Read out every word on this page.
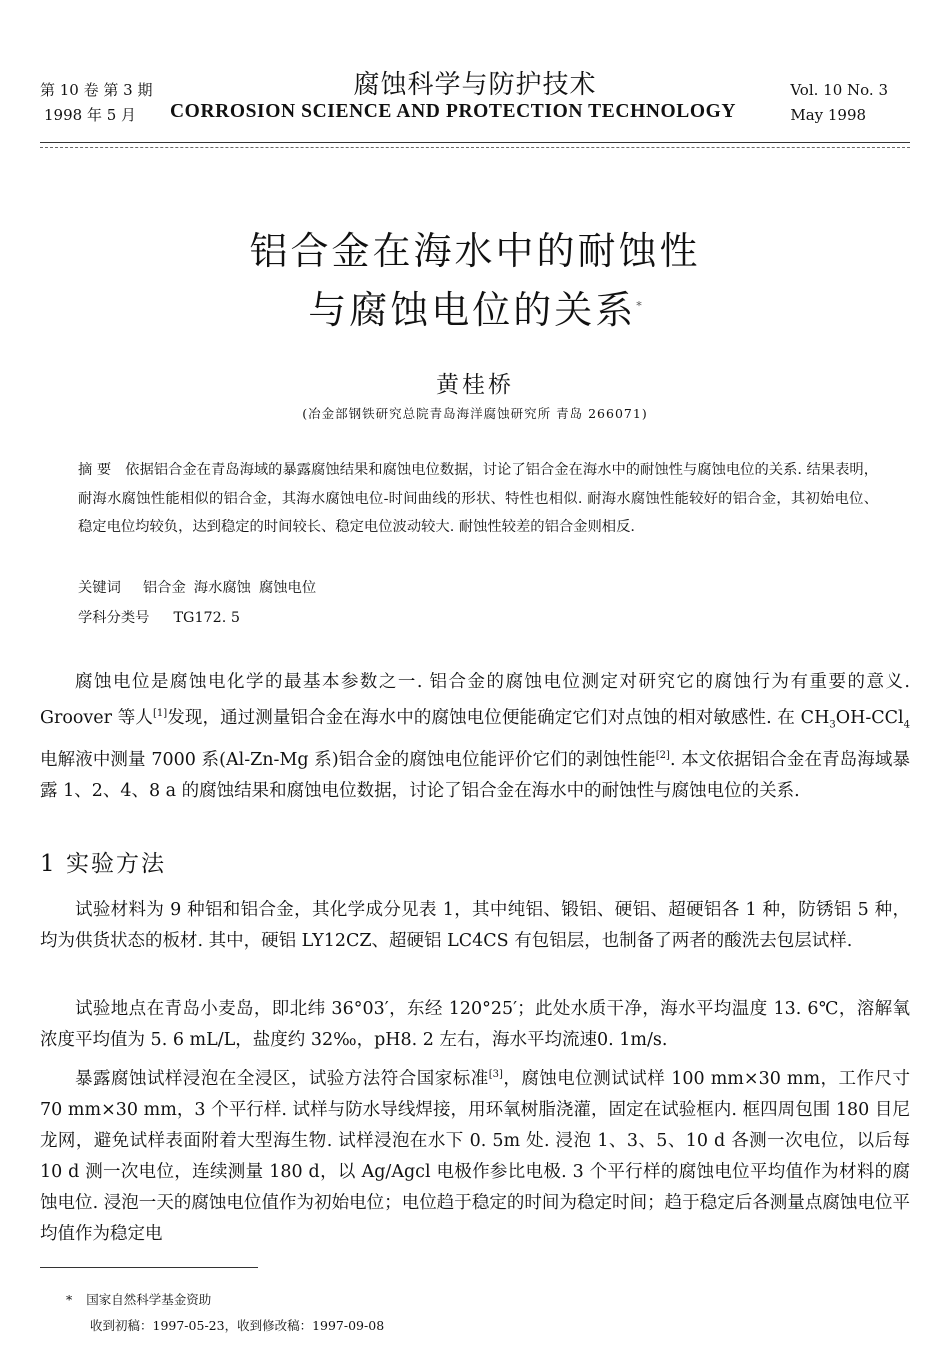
第 10 卷 第 3 期
1998 年 5 月
腐蚀科学与防护技术
CORROSION SCIENCE AND PROTECTION TECHNOLOGY
Vol. 10 No. 3
May 1998
铝合金在海水中的耐蚀性
与腐蚀电位的关系*
黄桂桥
(冶金部钢铁研究总院青岛海洋腐蚀研究所 青岛 266071)
摘 要 依据铝合金在青岛海域的暴露腐蚀结果和腐蚀电位数据，讨论了铝合金在海水中的耐蚀性与腐蚀电位的关系. 结果表明，耐海水腐蚀性能相似的铝合金，其海水腐蚀电位-时间曲线的形状、特性也相似. 耐海水腐蚀性能较好的铝合金，其初始电位、稳定电位均较负，达到稳定的时间较长、稳定电位波动较大. 耐蚀性较差的铝合金则相反.
关键词 铝合金 海水腐蚀 腐蚀电位
学科分类号 TG172. 5
腐蚀电位是腐蚀电化学的最基本参数之一. 铝合金的腐蚀电位测定对研究它的腐蚀行为有重要的意义. Groover 等人[1]发现，通过测量铝合金在海水中的腐蚀电位便能确定它们对点蚀的相对敏感性. 在 $CH_3OH-CCl_4$ 电解液中测量 7000 系(Al-Zn-Mg 系)铝合金的腐蚀电位能评价它们的剥蚀性能[2]. 本文依据铝合金在青岛海域暴露 1、2、4、8 a 的腐蚀结果和腐蚀电位数据，讨论了铝合金在海水中的耐蚀性与腐蚀电位的关系.
1 实验方法
试验材料为 9 种铝和铝合金，其化学成分见表 1，其中纯铝、锻铝、硬铝、超硬铝各 1 种，防锈铝 5 种，均为供货状态的板材. 其中，硬铝 LY12CZ、超硬铝 LC4CS 有包铝层，也制备了两者的酸洗去包层试样.
试验地点在青岛小麦岛，即北纬 36°03′，东经 120°25′；此处水质干净，海水平均温度 13. 6℃，溶解氧浓度平均值为 5. 6 mL/L，盐度约 32‰，pH8. 2 左右，海水平均流速0. 1m/s.
暴露腐蚀试样浸泡在全浸区，试验方法符合国家标准[3]，腐蚀电位测试试样 100 mm×30 mm，工作尺寸 70 mm×30 mm，3 个平行样. 试样与防水导线焊接，用环氧树脂浇灌，固定在试验框内. 框四周包围 180 目尼龙网，避免试样表面附着大型海生物. 试样浸泡在水下 0. 5m 处. 浸泡 1、3、5、10 d 各测一次电位，以后每 10 d 测一次电位，连续测量 180 d，以 Ag/Agcl 电极作参比电极. 3 个平行样的腐蚀电位平均值作为材料的腐蚀电位. 浸泡一天的腐蚀电位值作为初始电位；电位趋于稳定的时间为稳定时间；趋于稳定后各测量点腐蚀电位平均值作为稳定电
* 国家自然科学基金资助
收到初稿：1997-05-23，收到修改稿：1997-09-08
